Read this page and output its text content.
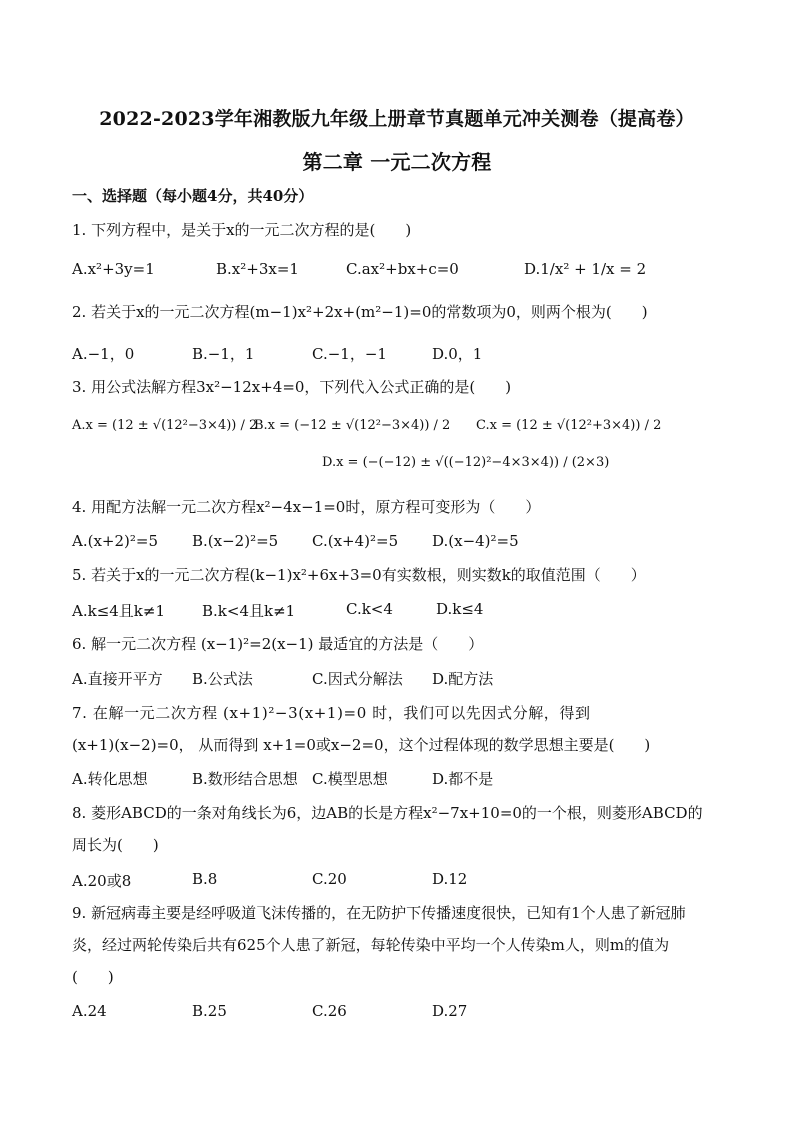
2022-2023学年湘教版九年级上册章节真题单元冲关测卷（提高卷）
第二章 一元二次方程
一、选择题（每小题4分，共40分）
1. 下列方程中，是关于x的一元二次方程的是(　　)
A.x²+3y=1	B.x²+3x=1	C.ax²+bx+c=0	D.1/x² + 1/x = 2
2. 若关于x的一元二次方程(m−1)x²+2x+(m²−1)=0的常数项为0，则两个根为(　　)
A.−1，0	B.−1，1	C.−1，−1	D.0，1
3. 用公式法解方程3x²−12x+4=0，下列代入公式正确的是(　　)
A.x = (12 ± √(12²−3×4)) / 2
B.x = (−12 ± √(12²−3×4)) / 2 C.x = (12 ± √(12²+3×4)) / 2
D.x = (−(−12) ± √((−12)²−4×3×4)) / (2×3)
4. 用配方法解一元二次方程x²−4x−1=0时，原方程可变形为（　　）
A.(x+2)²=5 B.(x−2)²=5 C.(x+4)²=5 D.(x−4)²=5
5. 若关于x的一元二次方程(k−1)x²+6x+3=0有实数根，则实数k的取值范围（　　）
A.k≤4且k≠1 B.k<4且k≠1	C.k<4	D.k≤4
6. 解一元二次方程 (x−1)²=2(x−1) 最适宜的方法是（　　）
A.直接开平方 B.公式法	C.因式分解法 D.配方法
7. 在解一元二次方程 (x+1)²−3(x+1)=0 时，我们可以先因式分解，得到
(x+1)(x−2)=0， 从而得到 x+1=0或x−2=0，这个过程体现的数学思想主要是(　　)
A.转化思想	B.数形结合思想 C.模型思想	D.都不是
8. 菱形ABCD的一条对角线长为6，边AB的长是方程x²−7x+10=0的一个根，则菱形ABCD的
周长为(　　)
A.20或8	B.8	C.20	D.12
9. 新冠病毒主要是经呼吸道飞沫传播的，在无防护下传播速度很快，已知有1个人患了新冠肺
炎，经过两轮传染后共有625个人患了新冠，每轮传染中平均一个人传染m人，则m的值为
(　　)
A.24	B.25	C.26	D.27
